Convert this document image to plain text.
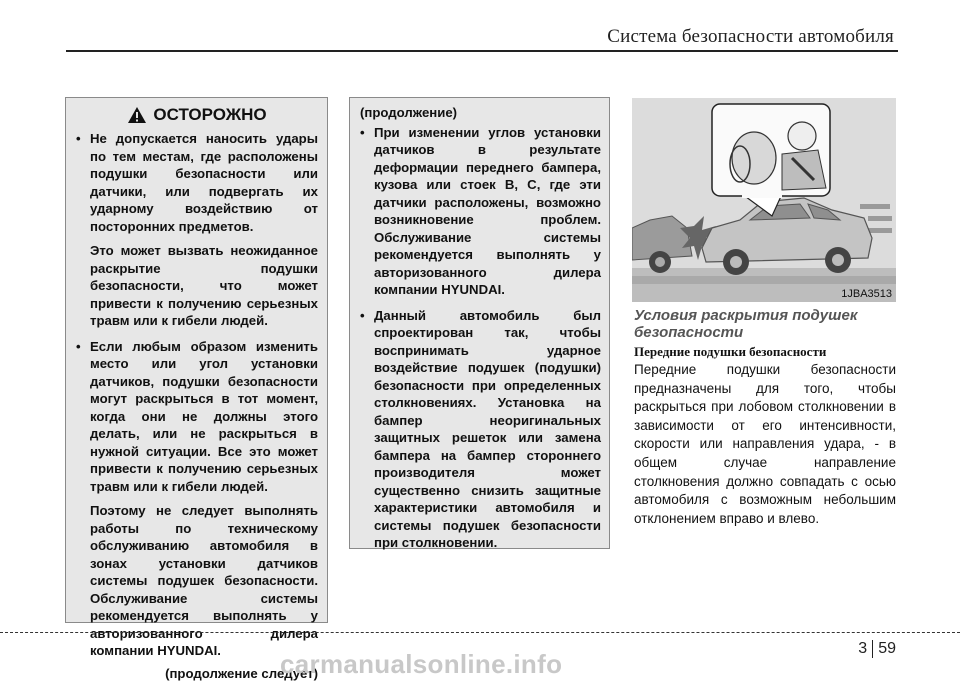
Система безопасности автомобиля
ОСТОРОЖНО
• Не допускается наносить удары по тем местам, где расположены подушки безопасности или датчики, или подвергать их ударному воздействию от посторонних предметов.

Это может вызвать неожиданное раскрытие подушки безопасности, что может привести к получению серьезных травм или к гибели людей.

• Если любым образом изменить место или угол установки датчиков, подушки безопасности могут раскрыться в тот момент, когда они не должны этого делать, или не раскрыться в нужной ситуации. Все это может привести к получению серьезных травм или к гибели людей.

Поэтому не следует выполнять работы по техническому обслуживанию автомобиля в зонах установки датчиков системы подушек безопасности. Обслуживание системы рекомендуется выполнять у авторизованного дилера компании HYUNDAI.

(продолжение следует)
(продолжение)
• При изменении углов установки датчиков в результате деформации переднего бампера, кузова или стоек B, C, где эти датчики расположены, возможно возникновение проблем. Обслуживание системы рекомендуется выполнять у авторизованного дилера компании HYUNDAI.

• Данный автомобиль был спроектирован так, чтобы воспринимать ударное воздействие подушек (подушки) безопасности при определенных столкновениях. Установка на бампер неоригинальных защитных решеток или замена бампера на бампер стороннего производителя может существенно снизить защитные характеристики автомобиля и системы подушек безопасности при столкновении.

1JBA3513
Условия раскрытия подушек безопасности
Передние подушки безопасности
Передние подушки безопасности предназначены для того, чтобы раскрыться при лобовом столкновении в зависимости от его интенсивности, скорости или направления удара, - в общем случае направление столкновения должно совпадать с осью автомобиля с возможным небольшим отклонением вправо и влево.
3 59
carmanualsonline.info
